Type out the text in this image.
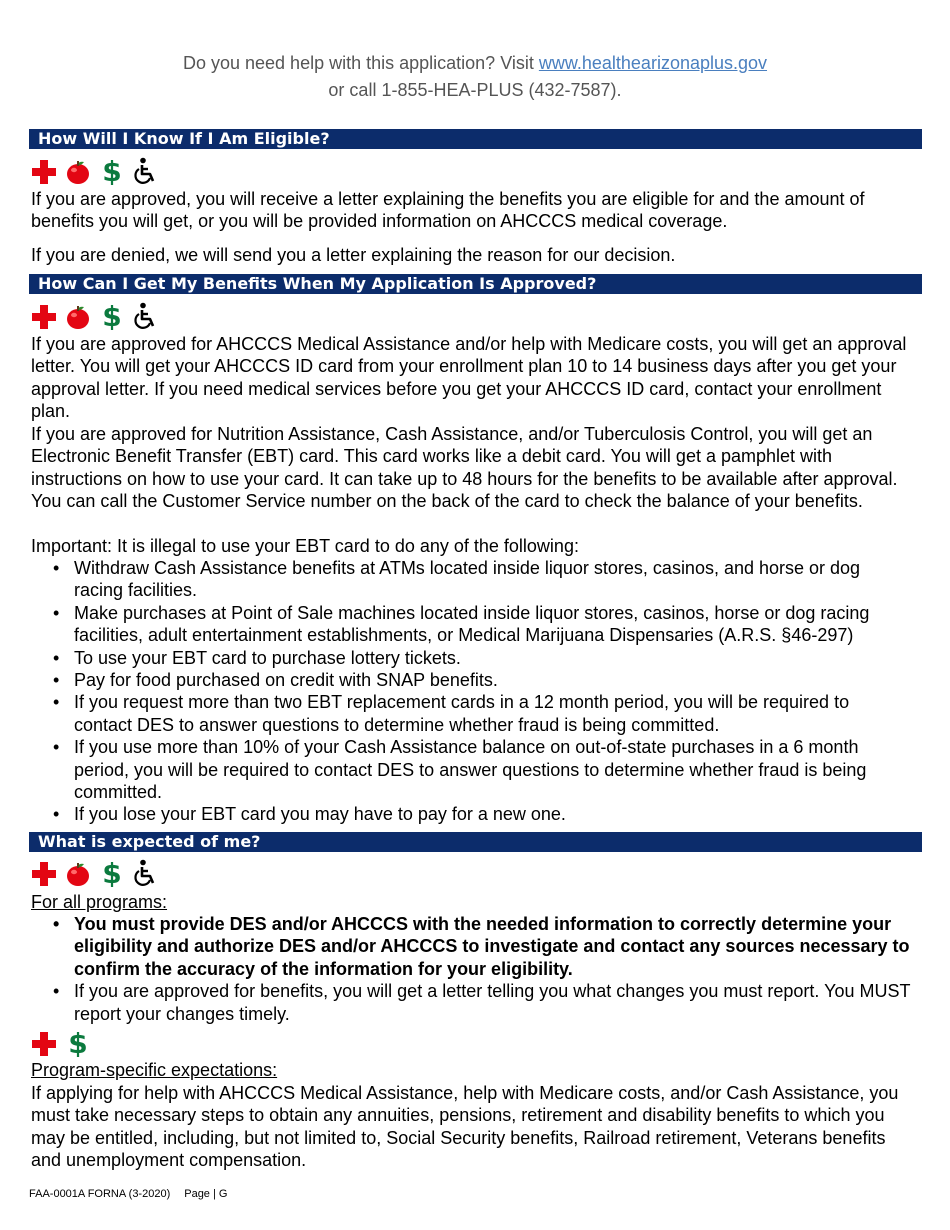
Do you need help with this application? Visit www.healthearizonaplus.gov
or call 1-855-HEA-PLUS (432-7587).
How Will I Know If I Am Eligible?
$

If you are approved, you will receive a letter explaining the benefits you are eligible for and the amount of benefits you will get, or you will be provided information on AHCCCS medical coverage.

If you are denied, we will send you a letter explaining the reason for our decision.

How Can I Get My Benefits When My Application Is Approved?
$

If you are approved for AHCCCS Medical Assistance and/or help with Medicare costs, you will get an approval letter. You will get your AHCCCS ID card from your enrollment plan 10 to 14 business days after you get your approval letter. If you need medical services before you get your AHCCCS ID card, contact your enrollment plan.

If you are approved for Nutrition Assistance, Cash Assistance, and/or Tuberculosis Control, you will get an Electronic Benefit Transfer (EBT) card. This card works like a debit card. You will get a pamphlet with instructions on how to use your card. It can take up to 48 hours for the benefits to be available after approval. You can call the Customer Service number on the back of the card to check the balance of your benefits.

Important: It is illegal to use your EBT card to do any of the following:

• Withdraw Cash Assistance benefits at ATMs located inside liquor stores, casinos, and horse or dog racing facilities.
• Make purchases at Point of Sale machines located inside liquor stores, casinos, horse or dog racing facilities, adult entertainment establishments, or Medical Marijuana Dispensaries (A.R.S. §46-297)
• To use your EBT card to purchase lottery tickets.
• Pay for food purchased on credit with SNAP benefits.
• If you request more than two EBT replacement cards in a 12 month period, you will be required to contact DES to answer questions to determine whether fraud is being committed.
• If you use more than 10% of your Cash Assistance balance on out-of-state purchases in a 6 month period, you will be required to contact DES to answer questions to determine whether fraud is being committed.
• If you lose your EBT card you may have to pay for a new one.
What is expected of me?
$

For all programs:

• You must provide DES and/or AHCCCS with the needed information to correctly determine your eligibility and authorize DES and/or AHCCCS to investigate and contact any sources necessary to confirm the accuracy of the information for your eligibility.
• If you are approved for benefits, you will get a letter telling you what changes you must report. You MUST report your changes timely.
$

Program-specific expectations:

If applying for help with AHCCCS Medical Assistance, help with Medicare costs, and/or Cash Assistance, you must take necessary steps to obtain any annuities, pensions, retirement and disability benefits to which you may be entitled, including, but not limited to, Social Security benefits, Railroad retirement, Veterans benefits and unemployment compensation.

FAA-0001A FORNA (3-2020) Page | G
